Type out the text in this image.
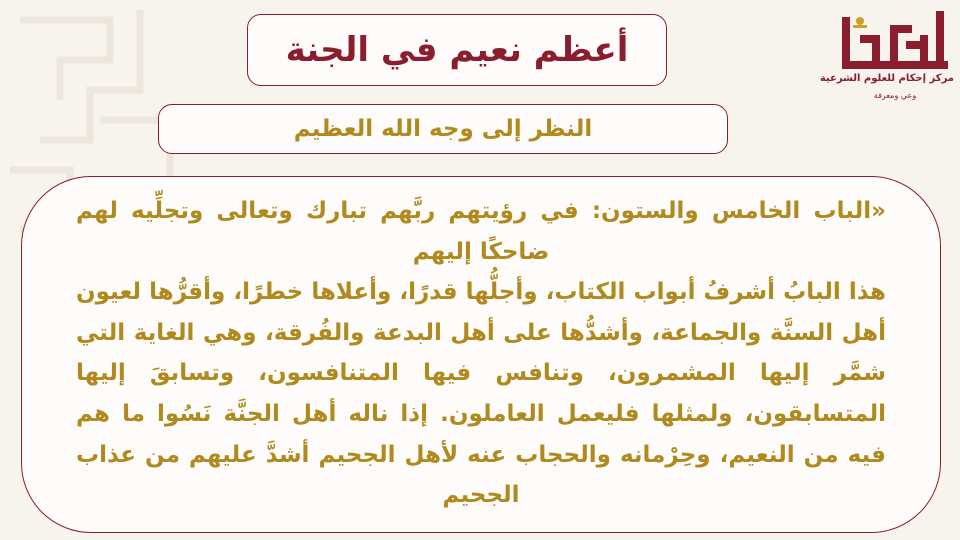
مركز إحكام للعلوم الشرعية
وعي ومعرفة
أعظم نعيم في الجنة
النظر إلى وجه الله العظيم

«الباب الخامس والستون: في رؤيتهم ربَّهم تبارك وتعالى وتجلِّيه لهم ضاحكًا إليهم
هذا البابُ أشرفُ أبواب الكتاب، وأجلُّها قدرًا، وأعلاها خطرًا، وأقرُّها لعيون أهل السنَّة والجماعة، وأشدُّها على أهل البدعة والفُرقة، وهي الغاية التي شمَّر إليها المشمرون، وتنافس فيها المتنافسون، وتسابقَ إليها المتسابقون، ولمثلها فليعمل العاملون. إذا ناله أهل الجنَّة نَسُوا ما هم فيه من النعيم، وحِرْمانه والحجاب عنه لأهل الجحيم أشدَّ عليهم من عذاب الجحيم
